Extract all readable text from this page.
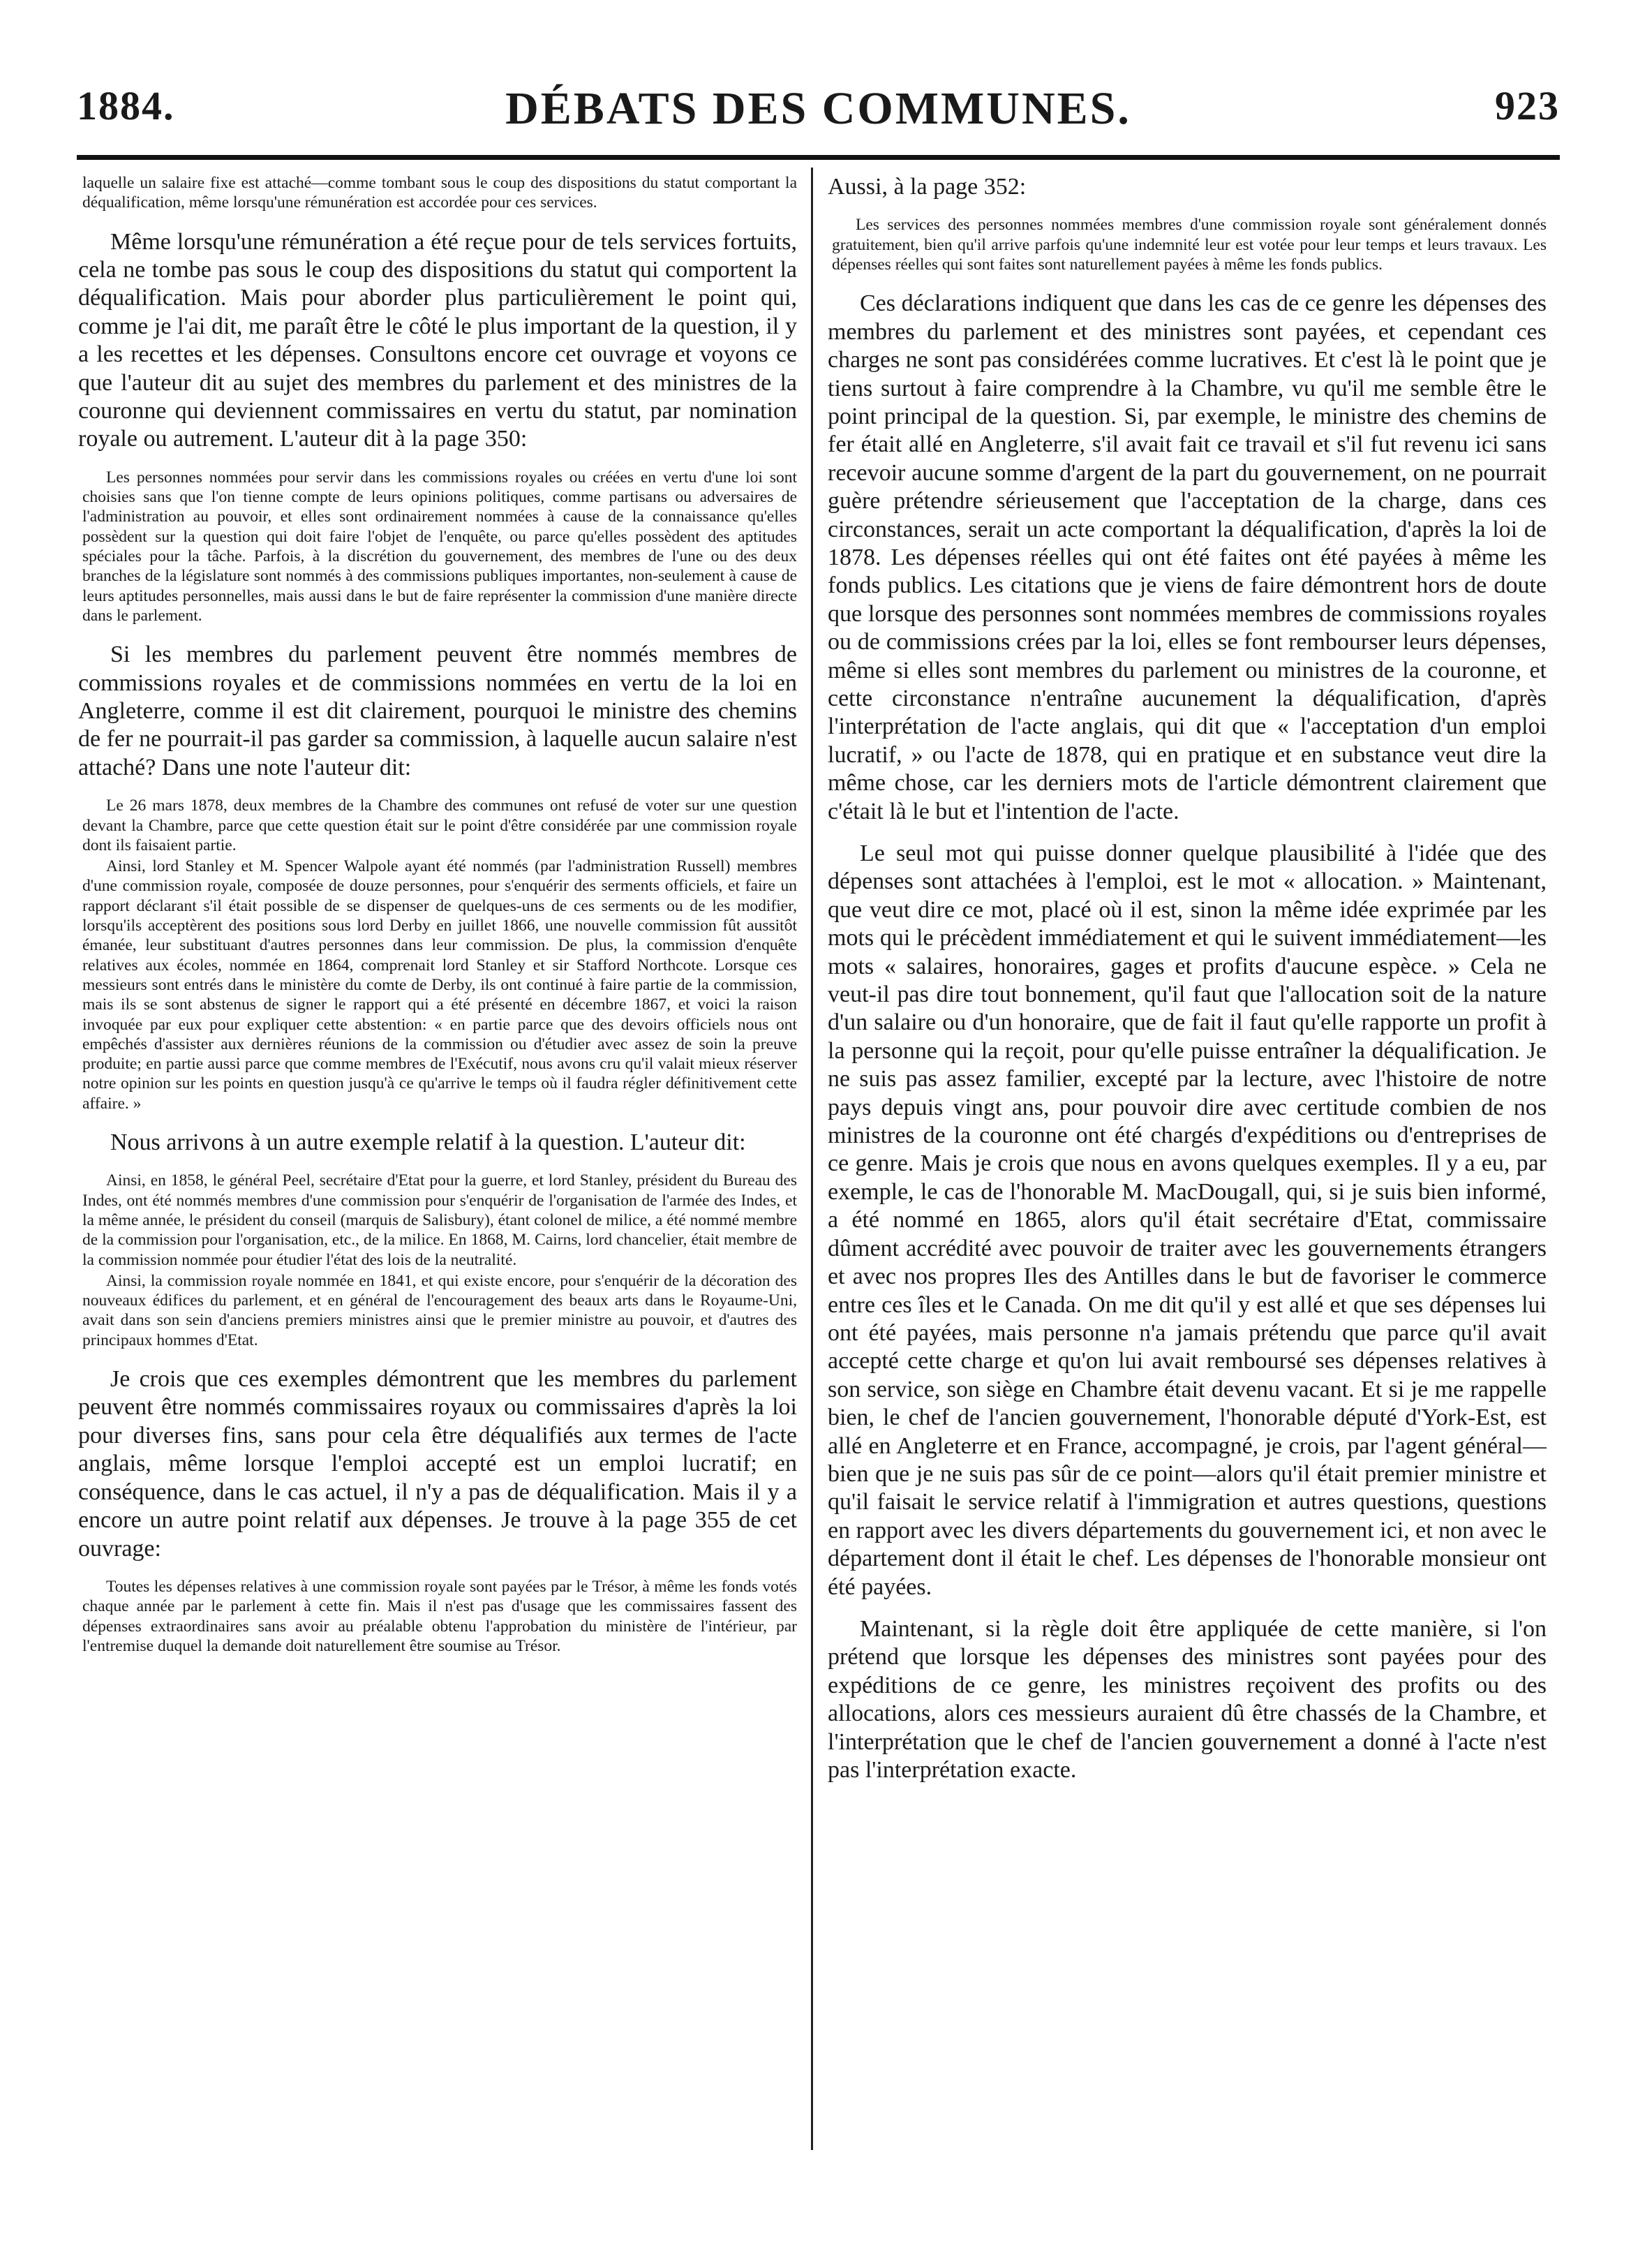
1884.	DÉBATS DES COMMUNES.	923

laquelle un salaire fixe est attaché—comme tombant sous le coup des dispositions du statut comportant la déqualification, même lorsqu'une rémunération est accordée pour ces services.

Même lorsqu'une rémunération a été reçue pour de tels services fortuits, cela ne tombe pas sous le coup des dispositions du statut qui comportent la déqualification. Mais pour aborder plus particulièrement le point qui, comme je l'ai dit, me paraît être le côté le plus important de la question, il y a les recettes et les dépenses. Consultons encore cet ouvrage et voyons ce que l'auteur dit au sujet des membres du parlement et des ministres de la couronne qui deviennent commissaires en vertu du statut, par nomination royale ou autrement. L'auteur dit à la page 350:

Les personnes nommées pour servir dans les commissions royales ou créées en vertu d'une loi sont choisies sans que l'on tienne compte de leurs opinions politiques, comme partisans ou adversaires de l'administration au pouvoir, et elles sont ordinairement nommées à cause de la connaissance qu'elles possèdent sur la question qui doit faire l'objet de l'enquête, ou parce qu'elles possèdent des aptitudes spéciales pour la tâche. Parfois, à la discrétion du gouvernement, des membres de l'une ou des deux branches de la législature sont nommés à des commissions publiques importantes, non-seulement à cause de leurs aptitudes personnelles, mais aussi dans le but de faire représenter la commission d'une manière directe dans le parlement.

Si les membres du parlement peuvent être nommés membres de commissions royales et de commissions nommées en vertu de la loi en Angleterre, comme il est dit clairement, pourquoi le ministre des chemins de fer ne pourrait-il pas garder sa commission, à laquelle aucun salaire n'est attaché? Dans une note l'auteur dit:

Le 26 mars 1878, deux membres de la Chambre des communes ont refusé de voter sur une question devant la Chambre, parce que cette question était sur le point d'être considérée par une commission royale dont ils faisaient partie.

Ainsi, lord Stanley et M. Spencer Walpole ayant été nommés (par l'administration Russell) membres d'une commission royale, composée de douze personnes, pour s'enquérir des serments officiels, et faire un rapport déclarant s'il était possible de se dispenser de quelques-uns de ces serments ou de les modifier, lorsqu'ils acceptèrent des positions sous lord Derby en juillet 1866, une nouvelle commission fût aussitôt émanée, leur substituant d'autres personnes dans leur commission. De plus, la commission d'enquête relatives aux écoles, nommée en 1864, comprenait lord Stanley et sir Stafford Northcote. Lorsque ces messieurs sont entrés dans le ministère du comte de Derby, ils ont continué à faire partie de la commission, mais ils se sont abstenus de signer le rapport qui a été présenté en décembre 1867, et voici la raison invoquée par eux pour expliquer cette abstention: « en partie parce que des devoirs officiels nous ont empêchés d'assister aux dernières réunions de la commission ou d'étudier avec assez de soin la preuve produite; en partie aussi parce que comme membres de l'Exécutif, nous avons cru qu'il valait mieux réserver notre opinion sur les points en question jusqu'à ce qu'arrive le temps où il faudra régler définitivement cette affaire. »

Nous arrivons à un autre exemple relatif à la question. L'auteur dit:

Ainsi, en 1858, le général Peel, secrétaire d'Etat pour la guerre, et lord Stanley, président du Bureau des Indes, ont été nommés membres d'une commission pour s'enquérir de l'organisation de l'armée des Indes, et la même année, le président du conseil (marquis de Salisbury), étant colonel de milice, a été nommé membre de la commission pour l'organisation, etc., de la milice. En 1868, M. Cairns, lord chancelier, était membre de la commission nommée pour étudier l'état des lois de la neutralité.

Ainsi, la commission royale nommée en 1841, et qui existe encore, pour s'enquérir de la décoration des nouveaux édifices du parlement, et en général de l'encouragement des beaux arts dans le Royaume-Uni, avait dans son sein d'anciens premiers ministres ainsi que le premier ministre au pouvoir, et d'autres des principaux hommes d'Etat.

Je crois que ces exemples démontrent que les membres du parlement peuvent être nommés commissaires royaux ou commissaires d'après la loi pour diverses fins, sans pour cela être déqualifiés aux termes de l'acte anglais, même lorsque l'emploi accepté est un emploi lucratif; en conséquence, dans le cas actuel, il n'y a pas de déqualification. Mais il y a encore un autre point relatif aux dépenses. Je trouve à la page 355 de cet ouvrage:

Toutes les dépenses relatives à une commission royale sont payées par le Trésor, à même les fonds votés chaque année par le parlement à cette fin. Mais il n'est pas d'usage que les commissaires fassent des dépenses extraordinaires sans avoir au préalable obtenu l'approbation du ministère de l'intérieur, par l'entremise duquel la demande doit naturellement être soumise au Trésor.

Aussi, à la page 352:

Les services des personnes nommées membres d'une commission royale sont généralement donnés gratuitement, bien qu'il arrive parfois qu'une indemnité leur est votée pour leur temps et leurs travaux. Les dépenses réelles qui sont faites sont naturellement payées à même les fonds publics.

Ces déclarations indiquent que dans les cas de ce genre les dépenses des membres du parlement et des ministres sont payées, et cependant ces charges ne sont pas considérées comme lucratives. Et c'est là le point que je tiens surtout à faire comprendre à la Chambre, vu qu'il me semble être le point principal de la question. Si, par exemple, le ministre des chemins de fer était allé en Angleterre, s'il avait fait ce travail et s'il fut revenu ici sans recevoir aucune somme d'argent de la part du gouvernement, on ne pourrait guère prétendre sérieusement que l'acceptation de la charge, dans ces circonstances, serait un acte comportant la déqualification, d'après la loi de 1878. Les dépenses réelles qui ont été faites ont été payées à même les fonds publics. Les citations que je viens de faire démontrent hors de doute que lorsque des personnes sont nommées membres de commissions royales ou de commissions crées par la loi, elles se font rembourser leurs dépenses, même si elles sont membres du parlement ou ministres de la couronne, et cette circonstance n'entraîne aucunement la déqualification, d'après l'interprétation de l'acte anglais, qui dit que « l'acceptation d'un emploi lucratif, » ou l'acte de 1878, qui en pratique et en substance veut dire la même chose, car les derniers mots de l'article démontrent clairement que c'était là le but et l'intention de l'acte.

Le seul mot qui puisse donner quelque plausibilité à l'idée que des dépenses sont attachées à l'emploi, est le mot « allocation. » Maintenant, que veut dire ce mot, placé où il est, sinon la même idée exprimée par les mots qui le précèdent immédiatement et qui le suivent immédiatement—les mots « salaires, honoraires, gages et profits d'aucune espèce. » Cela ne veut-il pas dire tout bonnement, qu'il faut que l'allocation soit de la nature d'un salaire ou d'un honoraire, que de fait il faut qu'elle rapporte un profit à la personne qui la reçoit, pour qu'elle puisse entraîner la déqualification. Je ne suis pas assez familier, excepté par la lecture, avec l'histoire de notre pays depuis vingt ans, pour pouvoir dire avec certitude combien de nos ministres de la couronne ont été chargés d'expéditions ou d'entreprises de ce genre. Mais je crois que nous en avons quelques exemples. Il y a eu, par exemple, le cas de l'honorable M. MacDougall, qui, si je suis bien informé, a été nommé en 1865, alors qu'il était secrétaire d'Etat, commissaire dûment accrédité avec pouvoir de traiter avec les gouvernements étrangers et avec nos propres Iles des Antilles dans le but de favoriser le commerce entre ces îles et le Canada. On me dit qu'il y est allé et que ses dépenses lui ont été payées, mais personne n'a jamais prétendu que parce qu'il avait accepté cette charge et qu'on lui avait remboursé ses dépenses relatives à son service, son siège en Chambre était devenu vacant. Et si je me rappelle bien, le chef de l'ancien gouvernement, l'honorable député d'York-Est, est allé en Angleterre et en France, accompagné, je crois, par l'agent général—bien que je ne suis pas sûr de ce point—alors qu'il était premier ministre et qu'il faisait le service relatif à l'immigration et autres questions, questions en rapport avec les divers départements du gouvernement ici, et non avec le département dont il était le chef. Les dépenses de l'honorable monsieur ont été payées.

Maintenant, si la règle doit être appliquée de cette manière, si l'on prétend que lorsque les dépenses des ministres sont payées pour des expéditions de ce genre, les ministres reçoivent des profits ou des allocations, alors ces messieurs auraient dû être chassés de la Chambre, et l'interprétation que le chef de l'ancien gouvernement a donné à l'acte n'est pas l'interprétation exacte.
